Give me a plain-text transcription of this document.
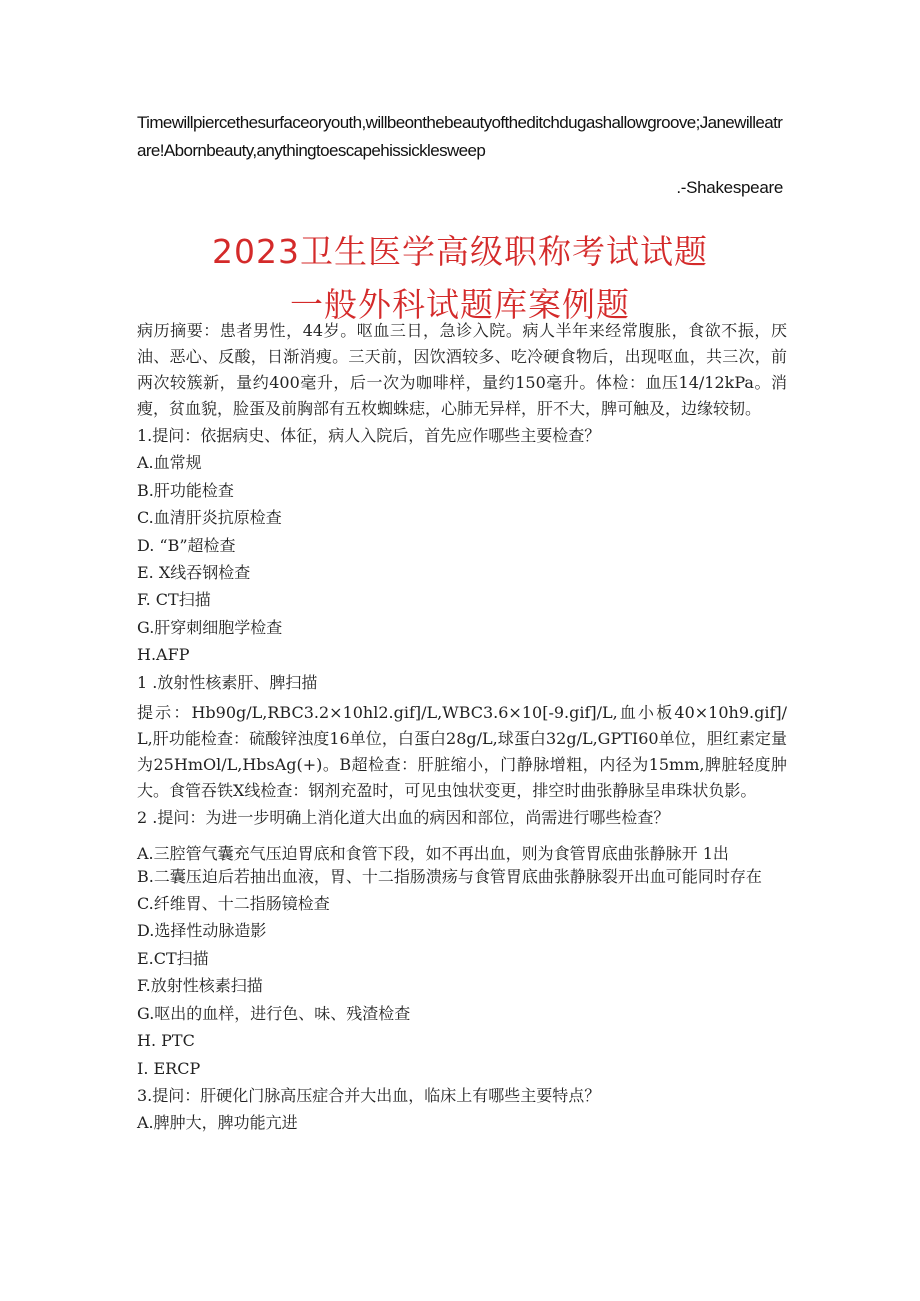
Timewillpiercethesurfaceoryouth,willbeonthebeautyoftheditchdugashallowgroove;Janewilleatrare!Abornbeauty,anythingtoescapehissicklesweep
.-Shakespeare
2023卫生医学高级职称考试试题
一般外科试题库案例题

病历摘要：患者男性，44岁。呕血三日，急诊入院。病人半年来经常腹胀，食欲不振，厌油、恶心、反酸，日渐消瘦。三天前，因饮酒较多、吃冷硬食物后，出现呕血，共三次，前两次较簇新，量约400毫升，后一次为咖啡样，量约150毫升。体检：血压14/12kPa。消瘦，贫血貌，脸蛋及前胸部有五枚蜘蛛痣，心肺无异样，肝不大，脾可触及，边缘较韧。

1.提问：依据病史、体征，病人入院后，首先应作哪些主要检查？

A.血常规

B.肝功能检查

C.血清肝炎抗原检查

D. “B”超检查

E. X线吞钢检查

F. CT扫描

G.肝穿刺细胞学检查

H.AFP

1 .放射性核素肝、脾扫描

提示：Hb90g/L,RBC3.2×10hl2.gif]/L,WBC3.6×10[-9.gif]/L,血小板40×10h9.gif]/L,肝功能检查：硫酸锌浊度16单位，白蛋白28g/L,球蛋白32g/L,GPTI60单位，胆红素定量为25HmOl/L,HbsAg(+)。B超检查：肝脏缩小，门静脉增粗，内径为15mm,脾脏轻度肿大。食管吞铁X线检查：钢剂充盈时，可见虫蚀状变更，排空时曲张静脉呈串珠状负影。

2 .提问：为进一步明确上消化道大出血的病因和部位，尚需进行哪些检查？

A.三腔管气囊充气压迫胃底和食管下段，如不再出血，则为食管胃底曲张静脉开 1出

B.二囊压迫后若抽出血液，胃、十二指肠溃疡与食管胃底曲张静脉裂开出血可能同时存在

C.纤维胃、十二指肠镜检查

D.选择性动脉造影

E.CT扫描

F.放射性核素扫描

G.呕出的血样，进行色、味、残渣检查

H. PTC

I. ERCP

3.提问：肝硬化门脉高压症合并大出血，临床上有哪些主要特点？

A.脾肿大，脾功能亢进
